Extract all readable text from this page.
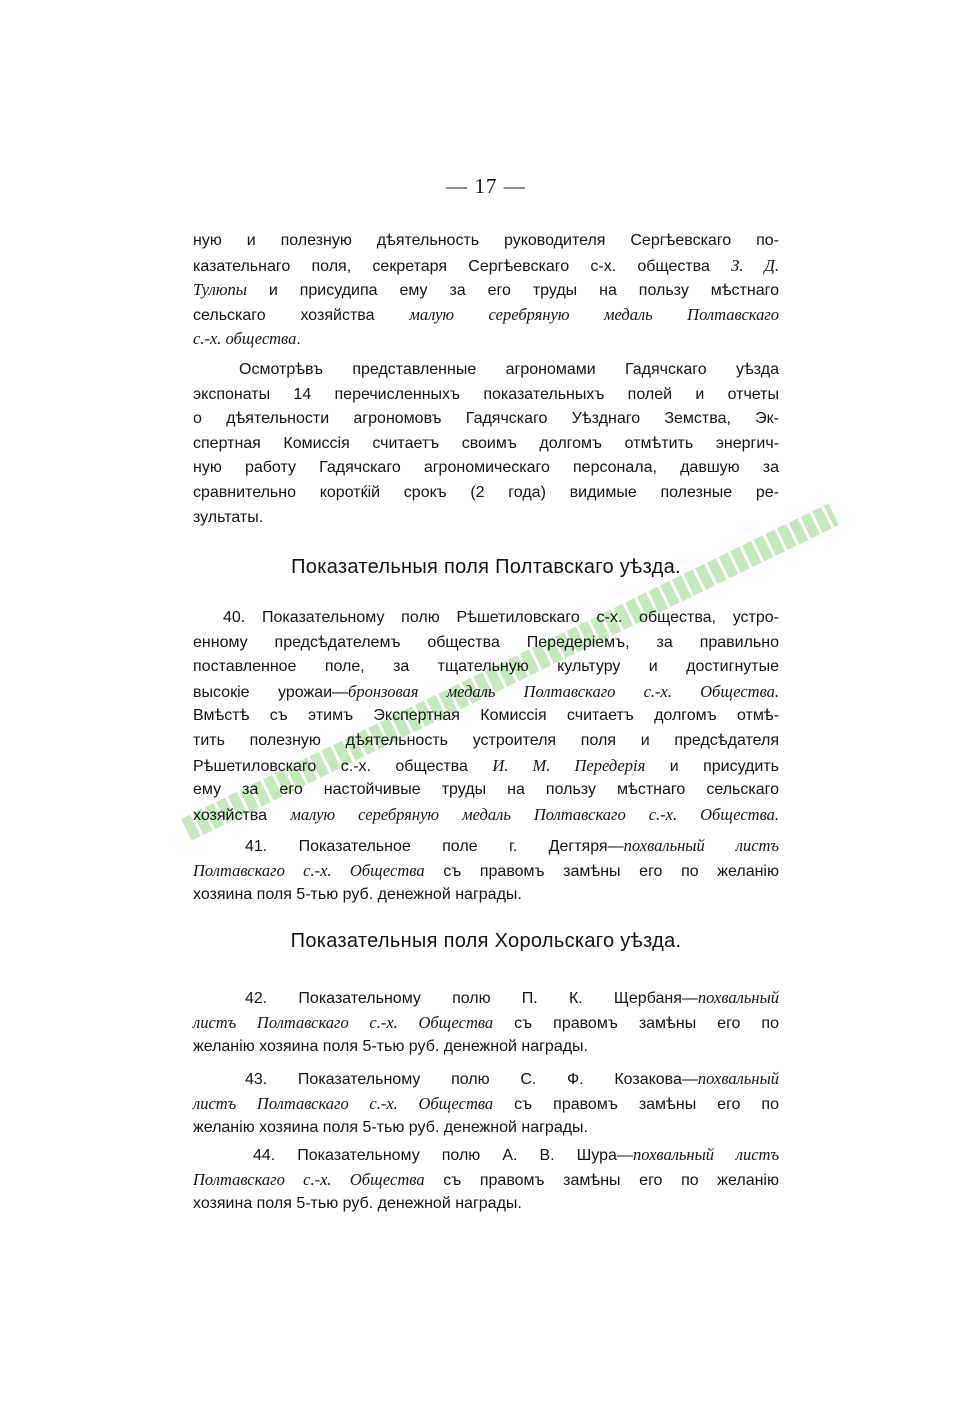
— 17 —
ную и полезную дѣятельность руководителя Сергѣевскаго по-
казательнаго поля, секретаря Сергѣевскаго с-х. общества З. Д.
Тулюпы и присудипа ему за его труды на пользу мѣстнаго
сельскаго хозяйства малую серебряную медаль Полтавскаго
с.-х. общества.
Осмотрѣвъ представленные агрономами Гадячскаго уѣзда
экспонаты 14 перечисленныхъ показательныхъ полей и отчеты
о дѣятельности агрономовъ Гадячскаго Уѣзднаго Земства, Эк-
спертная Комиссія считаетъ своимъ долгомъ отмѣтить энергич-
ную работу Гадячскаго агрономическаго персонала, давшую за
сравнительно коротќій срокъ (2 года) видимые полезные ре-
зультаты.
Показательныя поля Полтавскаго уѣзда.
40. Показательному полю Рѣшетиловскаго с-х. общества, устро-
енному предсѣдателемъ общества Передеріемъ, за правильно
поставленное поле, за тщательную культуру и достигнутые
высокіе урожаи—бронзовая медаль Полтавскаго с.-х. Общества.
Вмѣстѣ съ этимъ Экспертная Комиссія считаетъ долгомъ отмѣ-
тить полезную дѣятельность устроителя поля и предсѣдателя
Рѣшетиловскаго с.-х. общества И. М. Передерія и присудить
ему за его настойчивые труды на пользу мѣстнаго сельскаго
хозяйства малую серебряную медаль Полтавскаго с.-х. Общества.
41. Показательное поле г. Дегтяря—похвальный листъ
Полтавскаго с.-х. Общества съ правомъ замѣны его по желанію
хозяина поля 5-тью руб. денежной награды.
Показательныя поля Хорольскаго уѣзда.
42. Показательному полю П. К. Щербаня—похвальный
листъ Полтавскаго с.-х. Общества съ правомъ замѣны его по
желанію хозяина поля 5-тью руб. денежной награды.
43. Показательному полю С. Ф. Козакова—похвальный
листъ Полтавскаго с.-х. Общества съ правомъ замѣны его по
желанію хозяина поля 5-тью руб. денежной награды.
44. Показательному полю А. В. Шура—похвальный листъ
Полтавскаго с.-х. Общества съ правомъ замѣны его по желанію
хозяина поля 5-тью руб. денежной награды.
